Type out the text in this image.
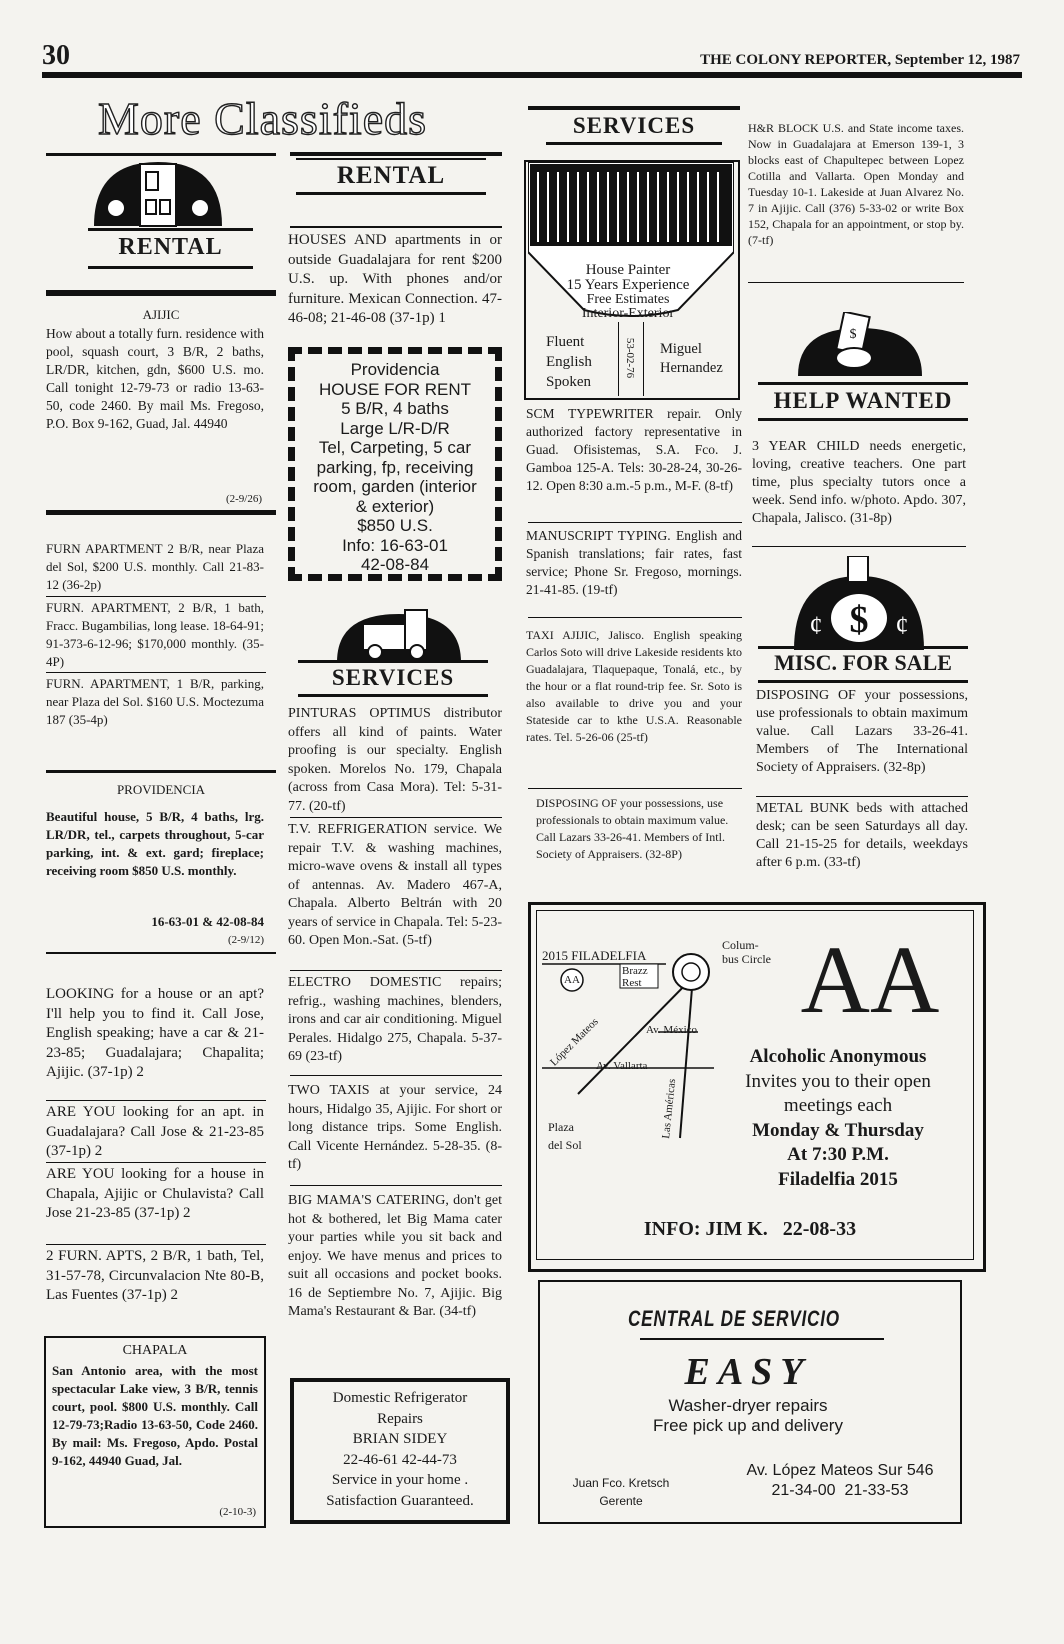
30	THE COLONY REPORTER, September 12, 1987
More Classifieds
RENTAL
AJIJIC
How about a totally furn. residence with pool, squash court, 3 B/R, 2 baths, LR/DR, kitchen, gdn, $600 U.S. mo. Call tonight 12-79-73 or radio 13-63-50, code 2460. By mail Ms. Fregoso, P.O. Box 9-162, Guad, Jal. 44940
(2-9/26)
FURN APARTMENT 2 B/R, near Plaza del Sol, $200 U.S. monthly. Call 21-83-12 (36-2p)
FURN. APARTMENT, 2 B/R, 1 bath, Fracc. Bugambilias, long lease. 18-64-91; 91-373-6-12-96; $170,000 monthly. (35-4P)
FURN. APARTMENT, 1 B/R, parking, near Plaza del Sol. $160 U.S. Moctezuma 187 (35-4p)
PROVIDENCIA
Beautiful house, 5 B/R, 4 baths, lrg. LR/DR, tel., carpets throughout, 5-car parking, int. & ext. gard; fireplace; receiving room $850 U.S. monthly.
16-63-01 & 42-08-84
(2-9/12)
LOOKING for a house or an apt? I'll help you to find it. Call Jose, English speaking; have a car & 21-23-85; Guadalajara; Chapalita; Ajijic. (37-1p) 2
ARE YOU looking for an apt. in Guadalajara? Call Jose & 21-23-85 (37-1p) 2
ARE YOU looking for a house in Chapala, Ajijic or Chulavista? Call Jose 21-23-85 (37-1p) 2
2 FURN. APTS, 2 B/R, 1 bath, Tel, 31-57-78, Circunvalacion Nte 80-B, Las Fuentes (37-1p) 2
CHAPALA
San Antonio area, with the most spectacular Lake view, 3 B/R, tennis court, pool. $800 U.S. monthly. Call 12-79-73;Radio 13-63-50, Code 2460. By mail: Ms. Fregoso, Apdo. Postal 9-162, 44940 Guad, Jal.
(2-10-3)
RENTAL
HOUSES AND apartments in or outside Guadalajara for rent $200 U.S. up. With phones and/or furniture. Mexican Connection. 47-46-08; 21-46-08 (37-1p) 1
Providencia
HOUSE FOR RENT
5 B/R, 4 baths
Large L/R-D/R
Tel, Carpeting, 5 car
parking, fp, receiving
room, garden (interior
& exterior)
$850 U.S.
Info: 16-63-01
42-08-84
SERVICES
PINTURAS OPTIMUS distributor offers all kind of paints. Water proofing is our specialty. English spoken. Morelos No. 179, Chapala (across from Casa Mora). Tel: 5-31-77. (20-tf)
T.V. REFRIGERATION service. We repair T.V. & washing machines, micro-wave ovens & install all types of antennas. Av. Madero 467-A, Chapala. Alberto Beltrán with 20 years of service in Chapala. Tel: 5-23-60. Open Mon.-Sat. (5-tf)
ELECTRO DOMESTIC repairs; refrig., washing machines, blenders, irons and car air conditioning. Miguel Perales. Hidalgo 275, Chapala. 5-37-69 (23-tf)
TWO TAXIS at your service, 24 hours, Hidalgo 35, Ajijic. For short or long distance trips. Some English. Call Vicente Hernández. 5-28-35. (8-tf)
BIG MAMA'S CATERING, don't get hot & bothered, let Big Mama cater your parties while you sit back and enjoy. We have menus and prices to suit all occasions and pocket books. 16 de Septiembre No. 7, Ajijic. Big Mama's Restaurant & Bar. (34-tf)
Domestic Refrigerator
Repairs
BRIAN SIDEY
22-46-61 42-44-73
Service in your home .
Satisfaction Guaranteed.
SERVICES
House Painter
15 Years Experience
Free Estimates
Interior-Exterior
Fluent English Spoken
53-02-76 Miguel Hernandez
SCM TYPEWRITER repair. Only authorized factory representative in Guad. Ofisistemas, S.A. Fco. J. Gamboa 125-A. Tels: 30-28-24, 30-26-12. Open 8:30 a.m.-5 p.m., M-F. (8-tf)
MANUSCRIPT TYPING. English and Spanish translations; fair rates, fast service; Phone Sr. Fregoso, mornings. 21-41-85. (19-tf)
TAXI AJIJIC, Jalisco. English speaking Carlos Soto will drive Lakeside residents kto Guadalajara, Tlaquepaque, Tonalá, etc., by the hour or a flat round-trip fee. Sr. Soto is also available to drive you and your Stateside car to kthe U.S.A. Reasonable rates. Tel. 5-26-06 (25-tf)
DISPOSING OF your possessions, use professionals to obtain maximum value. Call Lazars 33-26-41. Members of Intl. Society of Appraisers. (32-8P)
H&R BLOCK U.S. and State income taxes. Now in Guadalajara at Emerson 139-1, 3 blocks east of Chapultepec between Lopez Cotilla and Vallarta. Open Monday and Tuesday 10-1. Lakeside at Juan Alvarez No. 7 in Ajijic. Call (376) 5-33-02 or write Box 152, Chapala for an appointment, or stop by. (7-tf)
$
HELP WANTED
3 YEAR CHILD needs energetic, loving, creative teachers. One part time, plus specialty tutors once a week. Send info. w/photo. Apdo. 307, Chapala, Jalisco. (31-8p)
$
¢	¢
MISC. FOR SALE
DISPOSING OF your possessions, use professionals to obtain maximum value. Call Lazars 33-26-41. Members of The International Society of Appraisers. (32-8p)
METAL BUNK beds with attached desk; can be seen Saturdays all day. Call 21-15-25 for details, weekdays after 6 p.m. (33-tf)
2015 FILADELFIA
Brazz Rest
Colum-bus Circle
AA
López Mateos	Av. México
Av. Vallarta
Las Américas
Plaza del Sol
AA
Alcoholic Anonymous
Invites you to their open
meetings each
Monday & Thursday
At 7:30 P.M.
Filadelfia 2015
INFO: JIM K.   22-08-33
CENTRAL DE SERVICIO
EASY
Washer-dryer repairs
Free pick up and delivery
Juan Fco. Kretsch
Gerente
Av. López Mateos Sur 546
21-34-00  21-33-53
